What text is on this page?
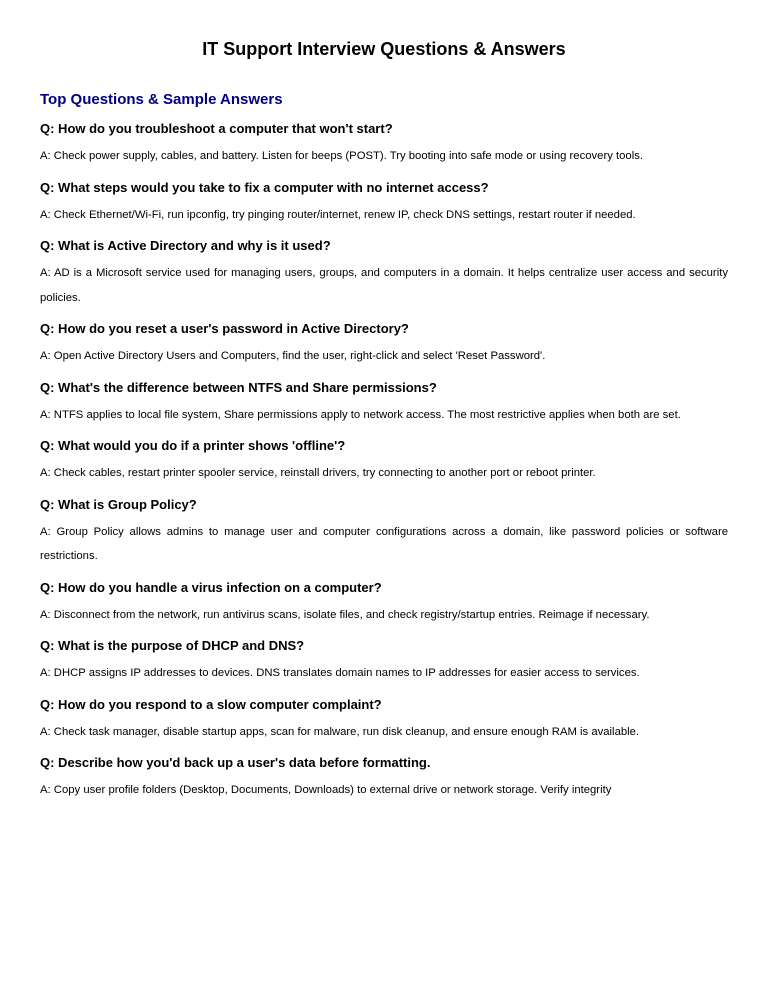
IT Support Interview Questions & Answers
Top Questions & Sample Answers

Q: How do you troubleshoot a computer that won't start?

A: Check power supply, cables, and battery. Listen for beeps (POST). Try booting into safe mode or using recovery tools.

Q: What steps would you take to fix a computer with no internet access?

A: Check Ethernet/Wi-Fi, run ipconfig, try pinging router/internet, renew IP, check DNS settings, restart router if needed.

Q: What is Active Directory and why is it used?

A: AD is a Microsoft service used for managing users, groups, and computers in a domain. It helps centralize user access and security policies.

Q: How do you reset a user's password in Active Directory?

A: Open Active Directory Users and Computers, find the user, right-click and select 'Reset Password'.

Q: What's the difference between NTFS and Share permissions?

A: NTFS applies to local file system, Share permissions apply to network access. The most restrictive applies when both are set.

Q: What would you do if a printer shows 'offline'?

A: Check cables, restart printer spooler service, reinstall drivers, try connecting to another port or reboot printer.

Q: What is Group Policy?

A: Group Policy allows admins to manage user and computer configurations across a domain, like password policies or software restrictions.

Q: How do you handle a virus infection on a computer?

A: Disconnect from the network, run antivirus scans, isolate files, and check registry/startup entries. Reimage if necessary.

Q: What is the purpose of DHCP and DNS?

A: DHCP assigns IP addresses to devices. DNS translates domain names to IP addresses for easier access to services.

Q: How do you respond to a slow computer complaint?

A: Check task manager, disable startup apps, scan for malware, run disk cleanup, and ensure enough RAM is available.

Q: Describe how you'd back up a user's data before formatting.

A: Copy user profile folders (Desktop, Documents, Downloads) to external drive or network storage. Verify integrity
